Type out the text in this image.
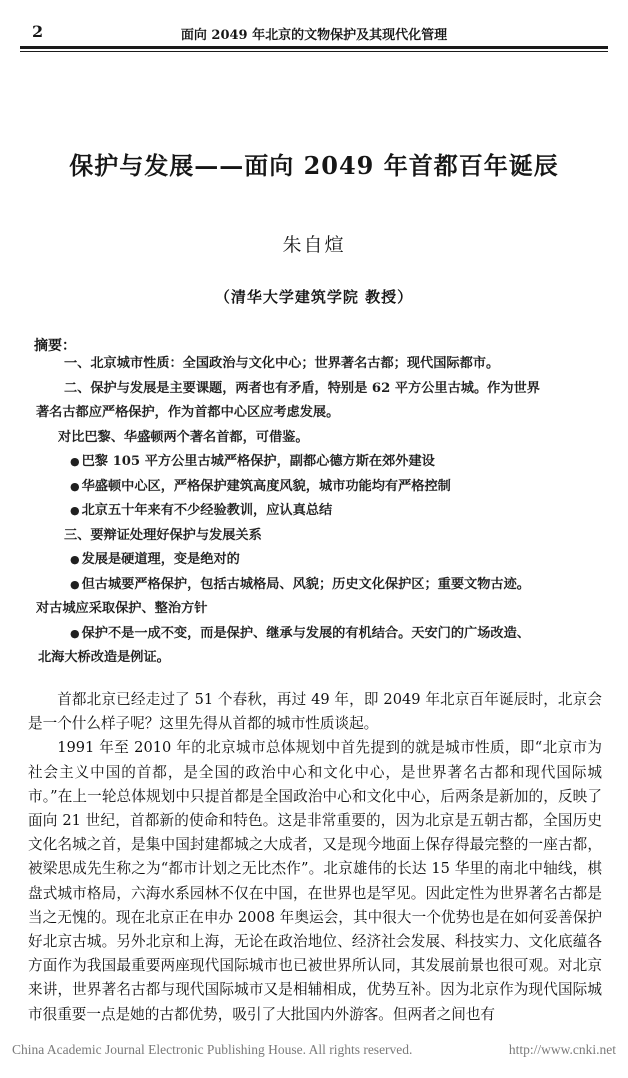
2	面向 2049 年北京的文物保护及其现代化管理
保护与发展——面向 2049 年首都百年诞辰
朱自煊
（清华大学建筑学院 教授）
摘要：

一、北京城市性质：全国政治与文化中心；世界著名古都；现代国际都市。

二、保护与发展是主要课题，两者也有矛盾，特别是 62 平方公里古城。作为世界

著名古都应严格保护，作为首都中心区应考虑发展。

对比巴黎、华盛顿两个著名首都，可借鉴。

● 巴黎 105 平方公里古城严格保护，副都心德方斯在郊外建设

● 华盛顿中心区，严格保护建筑高度风貌，城市功能均有严格控制

● 北京五十年来有不少经验教训，应认真总结

三、要辩证处理好保护与发展关系

● 发展是硬道理，变是绝对的

● 但古城要严格保护，包括古城格局、风貌；历史文化保护区；重要文物古迹。

对古城应采取保护、整治方针

● 保护不是一成不变，而是保护、继承与发展的有机结合。天安门的广场改造、

北海大桥改造是例证。

首都北京已经走过了 51 个春秋，再过 49 年，即 2049 年北京百年诞辰时，北京会是一个什么样子呢？这里先得从首都的城市性质谈起。

1991 年至 2010 年的北京城市总体规划中首先提到的就是城市性质，即“北京市为社会主义中国的首都，是全国的政治中心和文化中心，是世界著名古都和现代国际城市。”在上一轮总体规划中只提首都是全国政治中心和文化中心，后两条是新加的，反映了面向 21 世纪，首都新的使命和特色。这是非常重要的，因为北京是五朝古都，全国历史文化名城之首，是集中国封建都城之大成者，又是现今地面上保存得最完整的一座古都，被梁思成先生称之为“都市计划之无比杰作”。北京雄伟的长达 15 华里的南北中轴线，棋盘式城市格局，六海水系园林不仅在中国，在世界也是罕见。因此定性为世界著名古都是当之无愧的。现在北京正在申办 2008 年奥运会，其中很大一个优势也是在如何妥善保护好北京古城。另外北京和上海，无论在政治地位、经济社会发展、科技实力、文化底蕴各方面作为我国最重要两座现代国际城市也已被世界所认同，其发展前景也很可观。对北京来讲，世界著名古都与现代国际城市又是相辅相成，优势互补。因为北京作为现代国际城市很重要一点是她的古都优势，吸引了大批国内外游客。但两者之间也有

China Academic Journal Electronic Publishing House. All rights reserved.	http://www.cnki.net
